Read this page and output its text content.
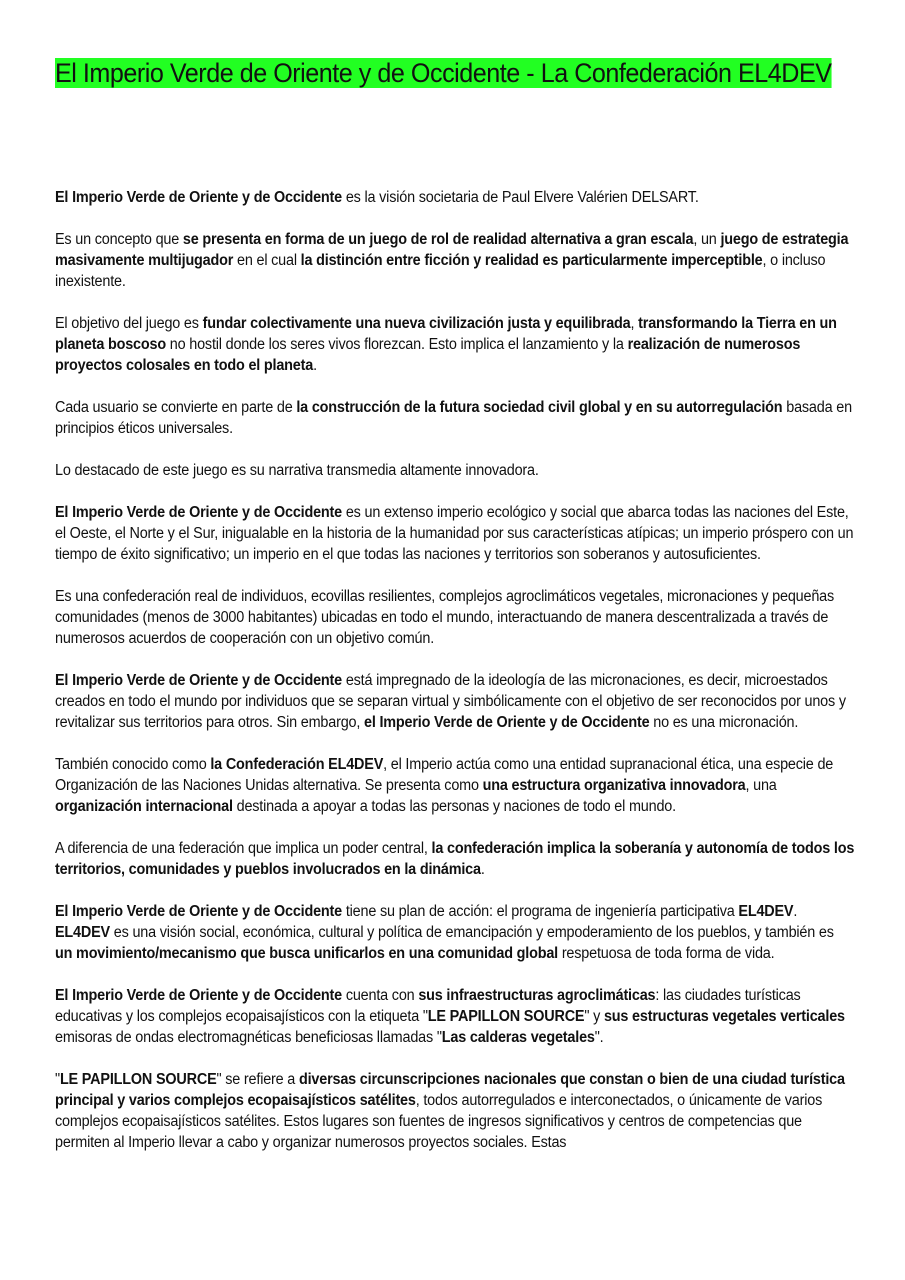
El Imperio Verde de Oriente y de Occidente - La Confederación EL4DEV

El Imperio Verde de Oriente y de Occidente es la visión societaria de Paul Elvere Valérien DELSART.

Es un concepto que se presenta en forma de un juego de rol de realidad alternativa a gran escala, un juego de estrategia masivamente multijugador en el cual la distinción entre ficción y realidad es particularmente imperceptible, o incluso inexistente.

El objetivo del juego es fundar colectivamente una nueva civilización justa y equilibrada, transformando la Tierra en un planeta boscoso no hostil donde los seres vivos florezcan. Esto implica el lanzamiento y la realización de numerosos proyectos colosales en todo el planeta.

Cada usuario se convierte en parte de la construcción de la futura sociedad civil global y en su autorregulación basada en principios éticos universales.

Lo destacado de este juego es su narrativa transmedia altamente innovadora.

El Imperio Verde de Oriente y de Occidente es un extenso imperio ecológico y social que abarca todas las naciones del Este, el Oeste, el Norte y el Sur, inigualable en la historia de la humanidad por sus características atípicas; un imperio próspero con un tiempo de éxito significativo; un imperio en el que todas las naciones y territorios son soberanos y autosuficientes.

Es una confederación real de individuos, ecovillas resilientes, complejos agroclimáticos vegetales, micronaciones y pequeñas comunidades (menos de 3000 habitantes) ubicadas en todo el mundo, interactuando de manera descentralizada a través de numerosos acuerdos de cooperación con un objetivo común.

El Imperio Verde de Oriente y de Occidente está impregnado de la ideología de las micronaciones, es decir, microestados creados en todo el mundo por individuos que se separan virtual y simbólicamente con el objetivo de ser reconocidos por unos y revitalizar sus territorios para otros. Sin embargo, el Imperio Verde de Oriente y de Occidente no es una micronación.

También conocido como la Confederación EL4DEV, el Imperio actúa como una entidad supranacional ética, una especie de Organización de las Naciones Unidas alternativa. Se presenta como una estructura organizativa innovadora, una organización internacional destinada a apoyar a todas las personas y naciones de todo el mundo.

A diferencia de una federación que implica un poder central, la confederación implica la soberanía y autonomía de todos los territorios, comunidades y pueblos involucrados en la dinámica.

El Imperio Verde de Oriente y de Occidente tiene su plan de acción: el programa de ingeniería participativa EL4DEV. EL4DEV es una visión social, económica, cultural y política de emancipación y empoderamiento de los pueblos, y también es un movimiento/mecanismo que busca unificarlos en una comunidad global respetuosa de toda forma de vida.

El Imperio Verde de Oriente y de Occidente cuenta con sus infraestructuras agroclimáticas: las ciudades turísticas educativas y los complejos ecopaisajísticos con la etiqueta "LE PAPILLON SOURCE" y sus estructuras vegetales verticales emisoras de ondas electromagnéticas beneficiosas llamadas "Las calderas vegetales".

"LE PAPILLON SOURCE" se refiere a diversas circunscripciones nacionales que constan o bien de una ciudad turística principal y varios complejos ecopaisajísticos satélites, todos autorregulados e interconectados, o únicamente de varios complejos ecopaisajísticos satélites. Estos lugares son fuentes de ingresos significativos y centros de competencias que permiten al Imperio llevar a cabo y organizar numerosos proyectos sociales. Estas
